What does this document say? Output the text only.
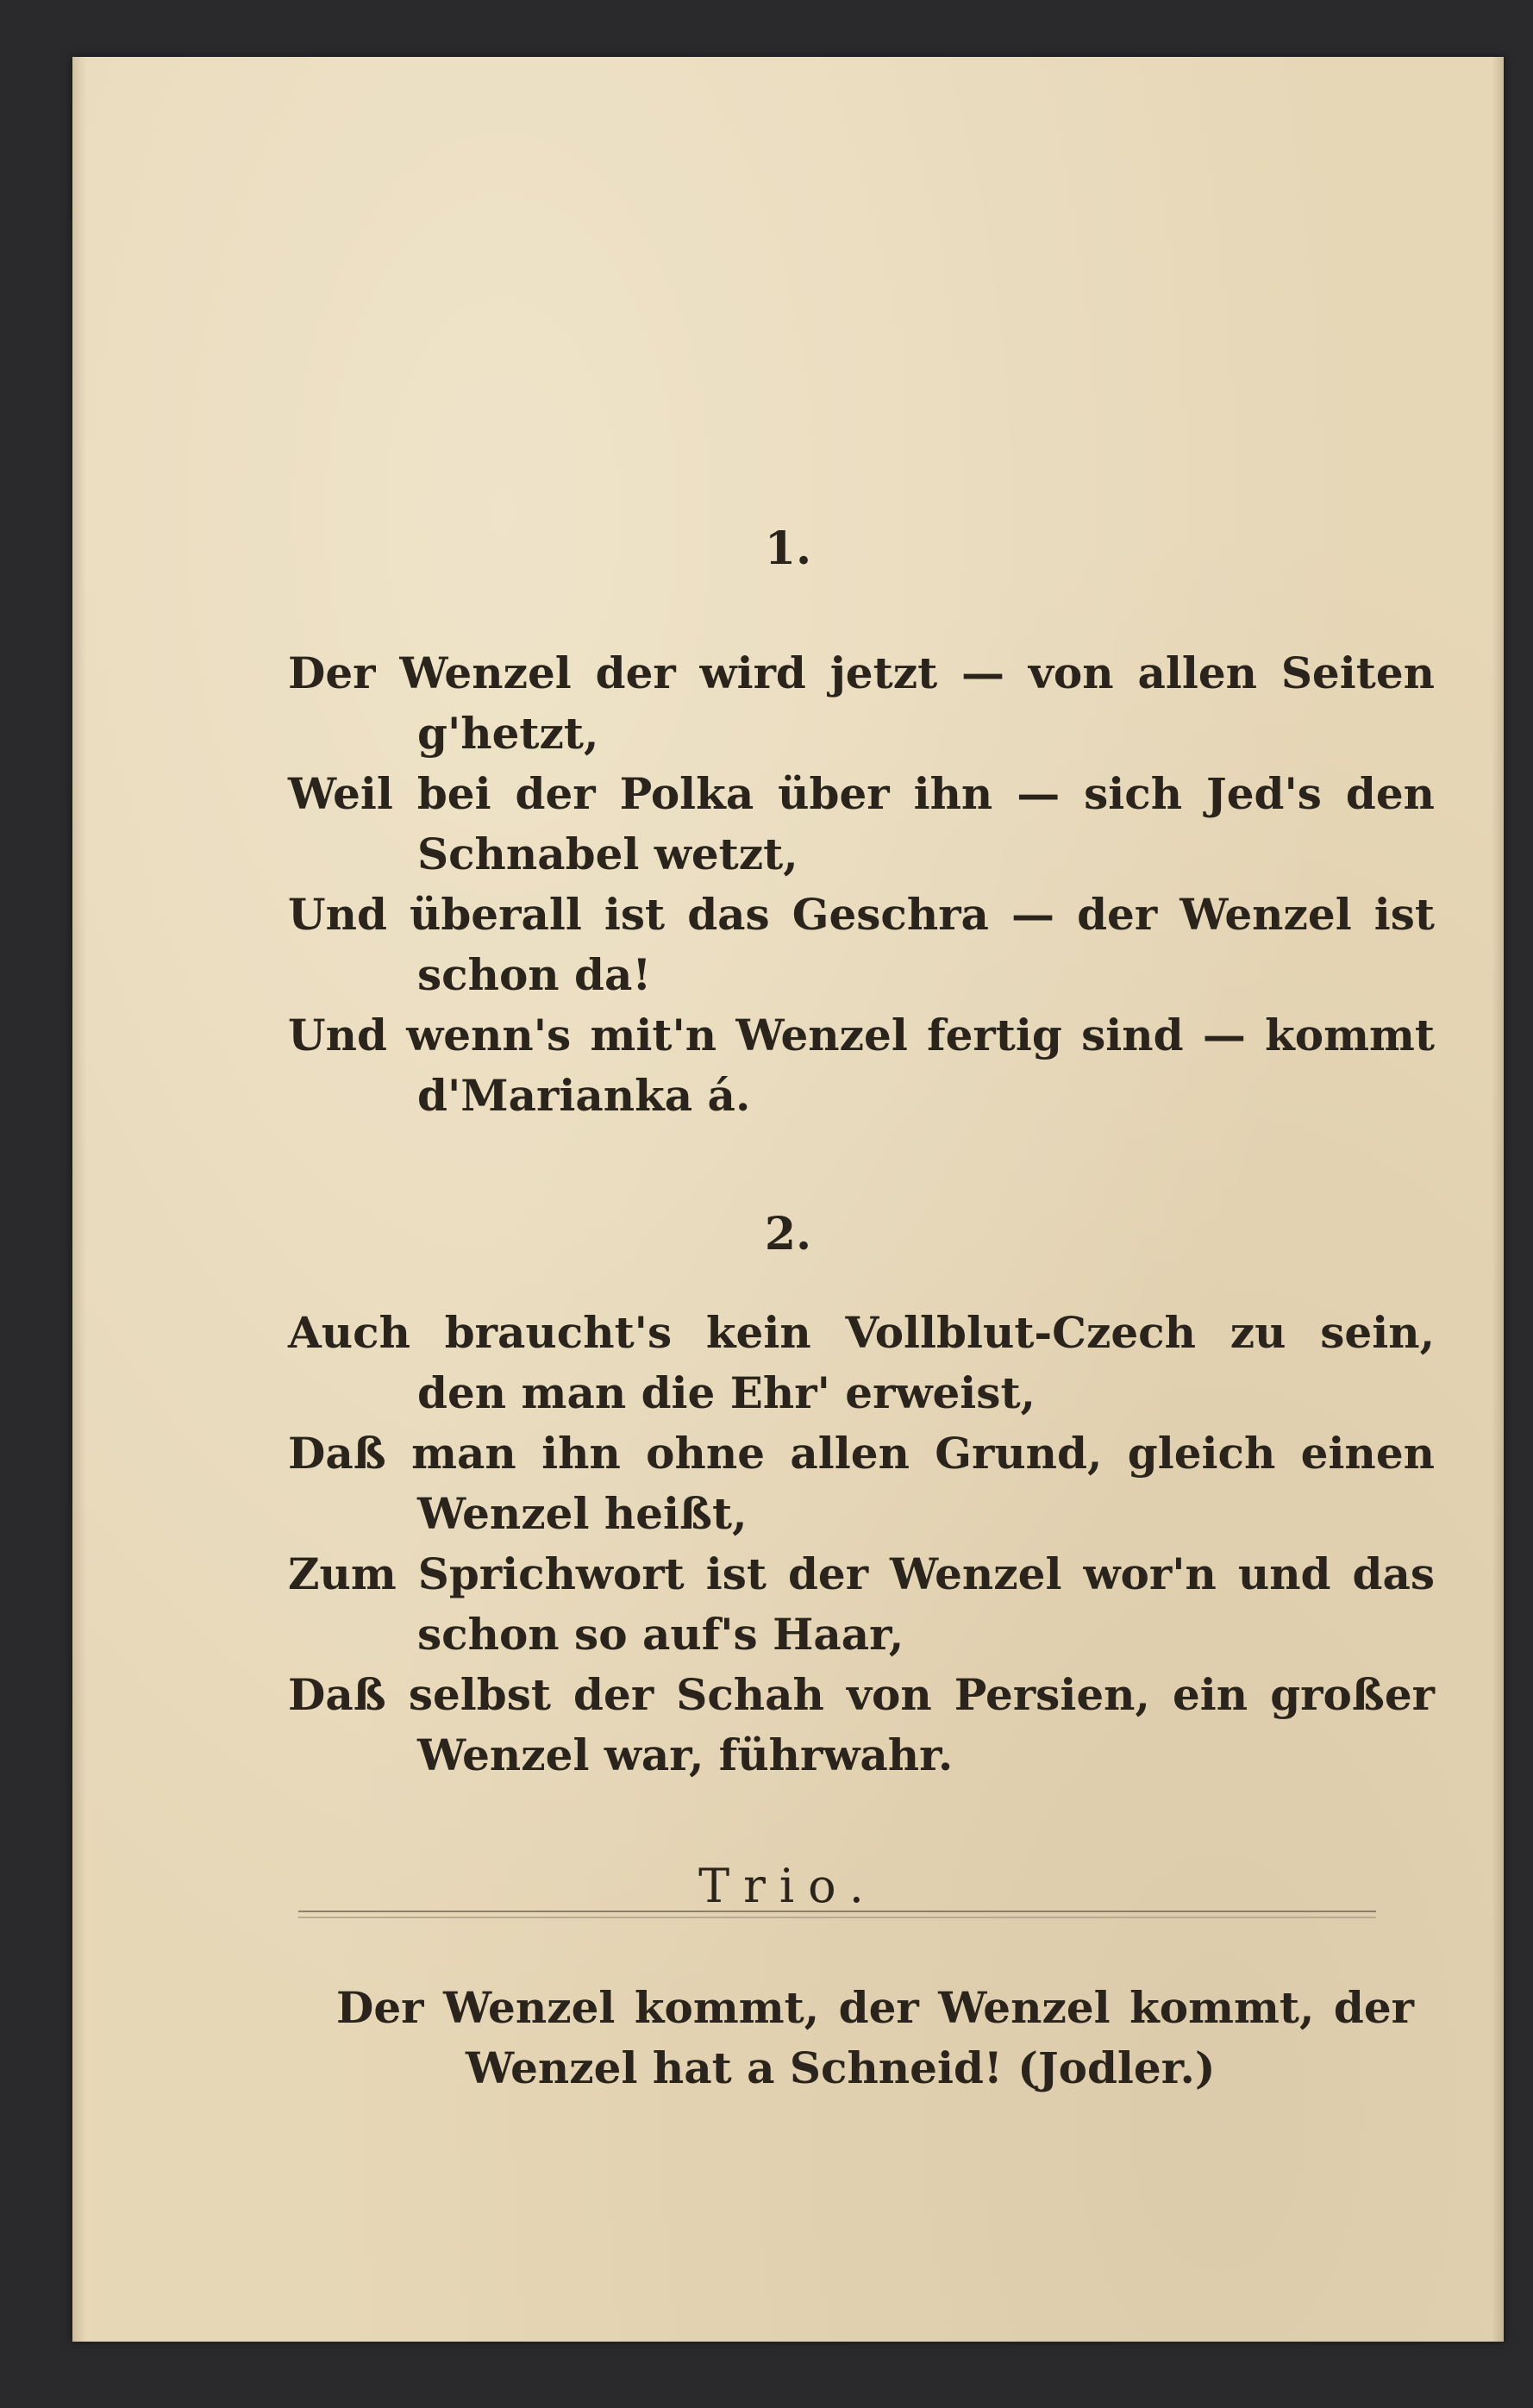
1.
Der Wenzel der wird jetzt — von allen Seiten g'hetzt,
Weil bei der Polka über ihn — sich Jed's den Schnabel wetzt,
Und überall ist das Geschra — der Wenzel ist schon da!
Und wenn's mit'n Wenzel fertig sind — kommt d'Marianka á.
2.
Auch braucht's kein Vollblut-Czech zu sein, den man die Ehr' erweist,
Daß man ihn ohne allen Grund, gleich einen Wenzel heißt,
Zum Sprichwort ist der Wenzel wor'n und das schon so auf's Haar,
Daß selbst der Schah von Persien, ein großer Wenzel war, führwahr.
Trio.
Der Wenzel kommt, der Wenzel kommt, der Wenzel hat a Schneid! (Jodler.)
